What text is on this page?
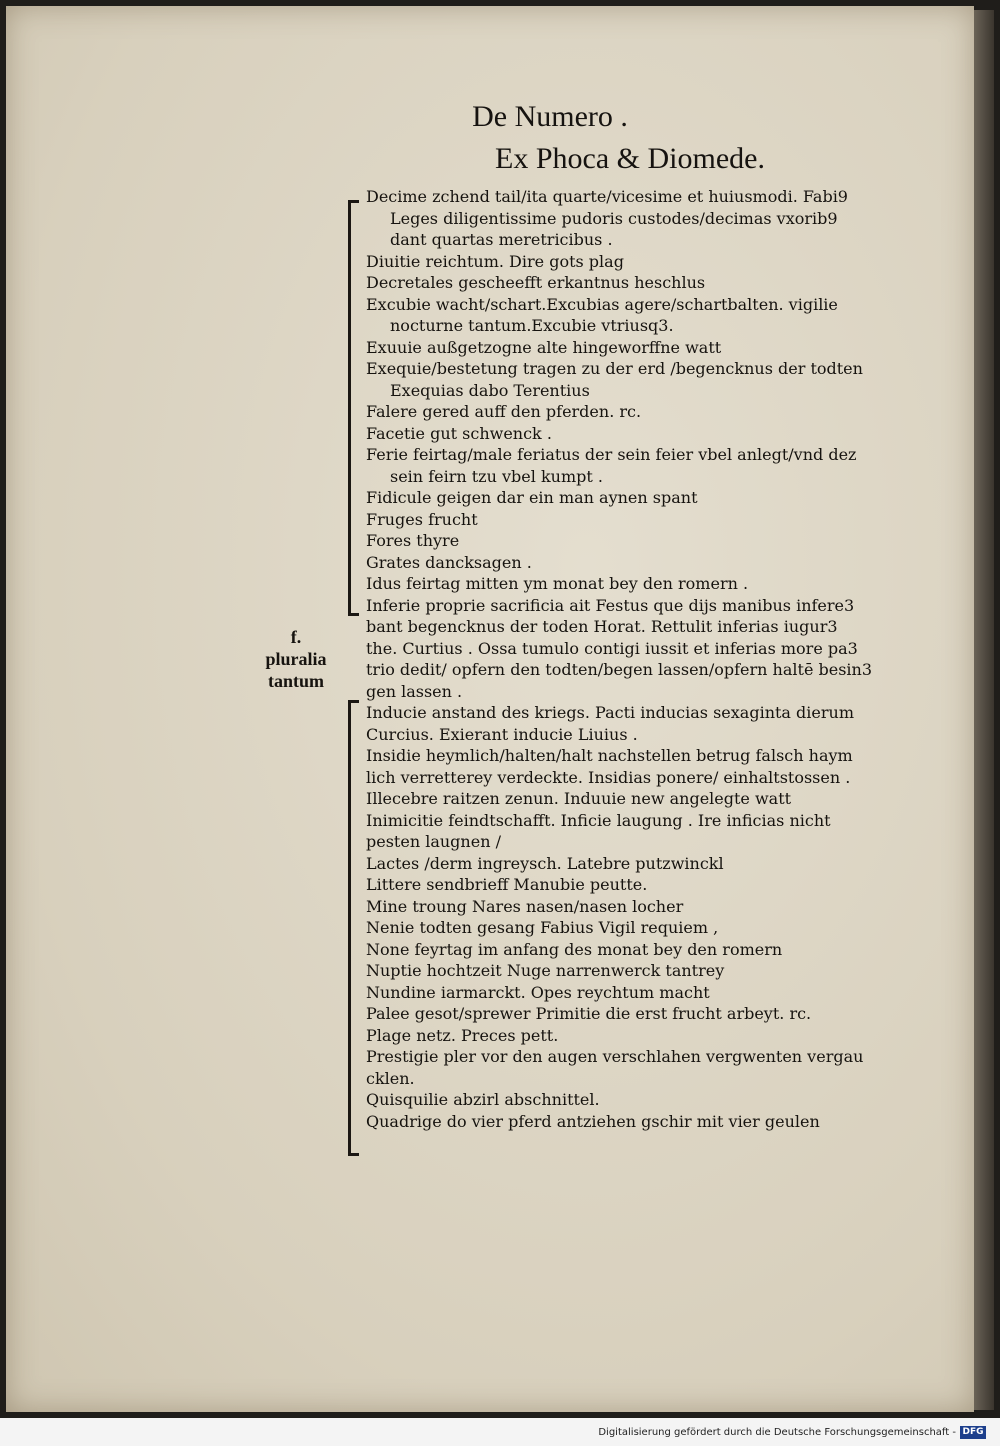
De Numero .
Ex Phoca & Diomede.
f.
pluralia
tantum
Decime zchend tail/ita quarte/vicesime et huiusmodi. Fabi9
Leges diligentissime pudoris custodes/decimas vxorib9
dant quartas meretricibus .
Diuitie reichtum. Dire gots plag
Decretales gescheefft erkantnus heschlus
Excubie wacht/schart.Excubias agere/schartbalten. vigilie
nocturne tantum.Excubie vtriusq3.
Exuuie außgetzogne alte hingeworffne watt
Exequie/bestetung tragen zu der erd /begencknus der todten
Exequias dabo Terentius
Falere gered auff den pferden. rc.
Facetie gut schwenck .
Ferie feirtag/male feriatus der sein feier vbel anlegt/vnd dez
sein feirn tzu vbel kumpt .
Fidicule geigen dar ein man aynen spant
Fruges frucht
Fores thyre
Grates dancksagen .
Idus feirtag mitten ym monat bey den romern .
Inferie proprie sacrificia ait Festus que dijs manibus infere3
bant begencknus der toden Horat. Rettulit inferias iugur3
the. Curtius . Ossa tumulo contigi iussit et inferias more pa3
trio dedit/ opfern den todten/begen lassen/opfern haltē besin3
gen lassen .
Inducie anstand des kriegs. Pacti inducias sexaginta dierum
Curcius. Exierant inducie Liuius .
Insidie heymlich/halten/halt nachstellen betrug falsch haym
lich verretterey verdeckte. Insidias ponere/ einhaltstossen .
Illecebre raitzen zenun. Induuie new angelegte watt
Inimicitie feindtschafft. Inficie laugung . Ire inficias nicht
pesten laugnen /
Lactes /derm ingreysch. Latebre putzwinckl
Littere sendbrieff Manubie peutte.
Mine troung Nares nasen/nasen locher
Nenie todten gesang Fabius Vigil requiem ,
None feyrtag im anfang des monat bey den romern
Nuptie hochtzeit Nuge narrenwerck tantrey
Nundine iarmarckt. Opes reychtum macht
Palee gesot/sprewer Primitie die erst frucht arbeyt. rc.
Plage netz. Preces pett.
Prestigie pler vor den augen verschlahen vergwenten vergau
cklen.
Quisquilie abzirl abschnittel.
Quadrige do vier pferd antziehen gschir mit vier geulen
Digitalisierung gefördert durch die Deutsche Forschungsgemeinschaft - DFG
